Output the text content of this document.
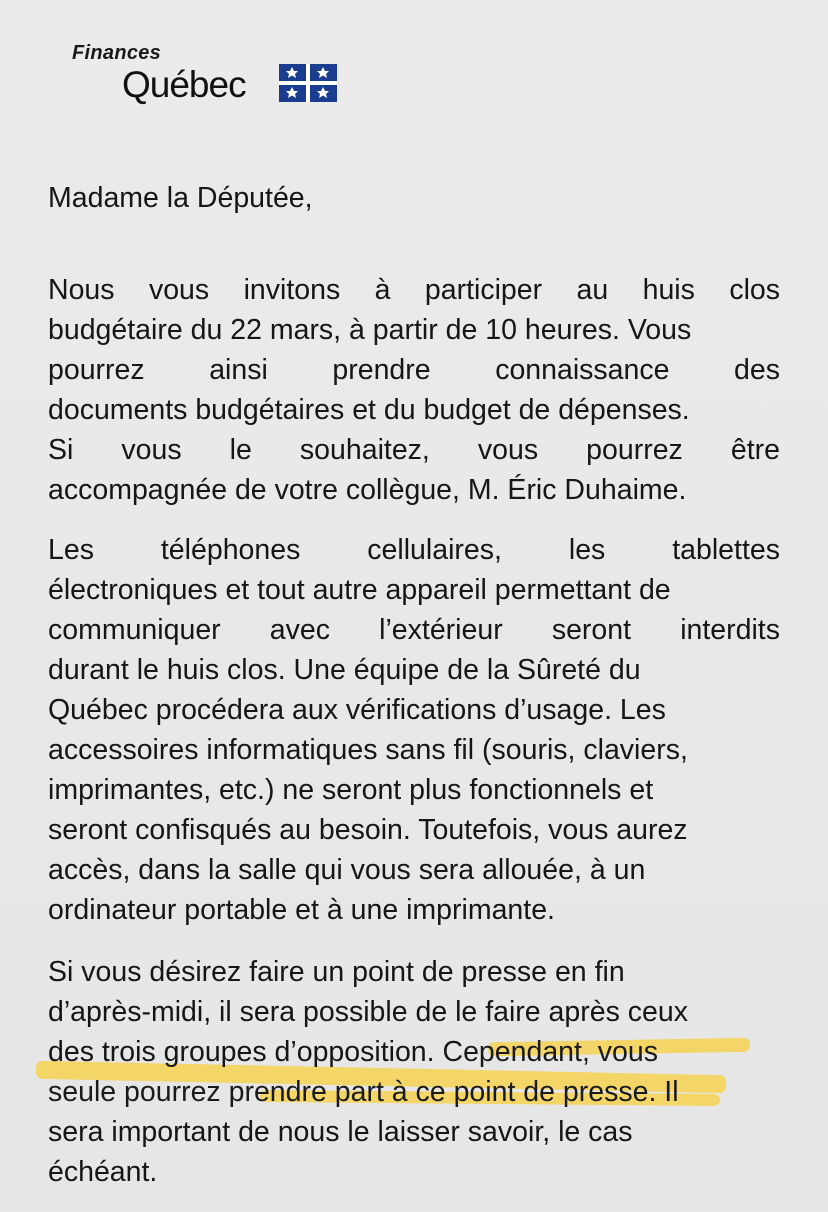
Finances
Québec
Madame la Députée,
Nous vous invitons à participer au huis clos
budgétaire du 22 mars, à partir de 10 heures. Vous
pourrez ainsi prendre connaissance des
documents budgétaires et du budget de dépenses.
Si vous le souhaitez, vous pourrez être
accompagnée de votre collègue, M. Éric Duhaime.
Les téléphones cellulaires, les tablettes
électroniques et tout autre appareil permettant de
communiquer avec l’extérieur seront interdits
durant le huis clos. Une équipe de la Sûreté du
Québec procédera aux vérifications d’usage. Les
accessoires informatiques sans fil (souris, claviers,
imprimantes, etc.) ne seront plus fonctionnels et
seront confisqués au besoin. Toutefois, vous aurez
accès, dans la salle qui vous sera allouée, à un
ordinateur portable et à une imprimante.
Si vous désirez faire un point de presse en fin
d’après-midi, il sera possible de le faire après ceux
des trois groupes d’opposition. Cependant, vous
seule pourrez prendre part à ce point de presse. Il
sera important de nous le laisser savoir, le cas
échéant.
